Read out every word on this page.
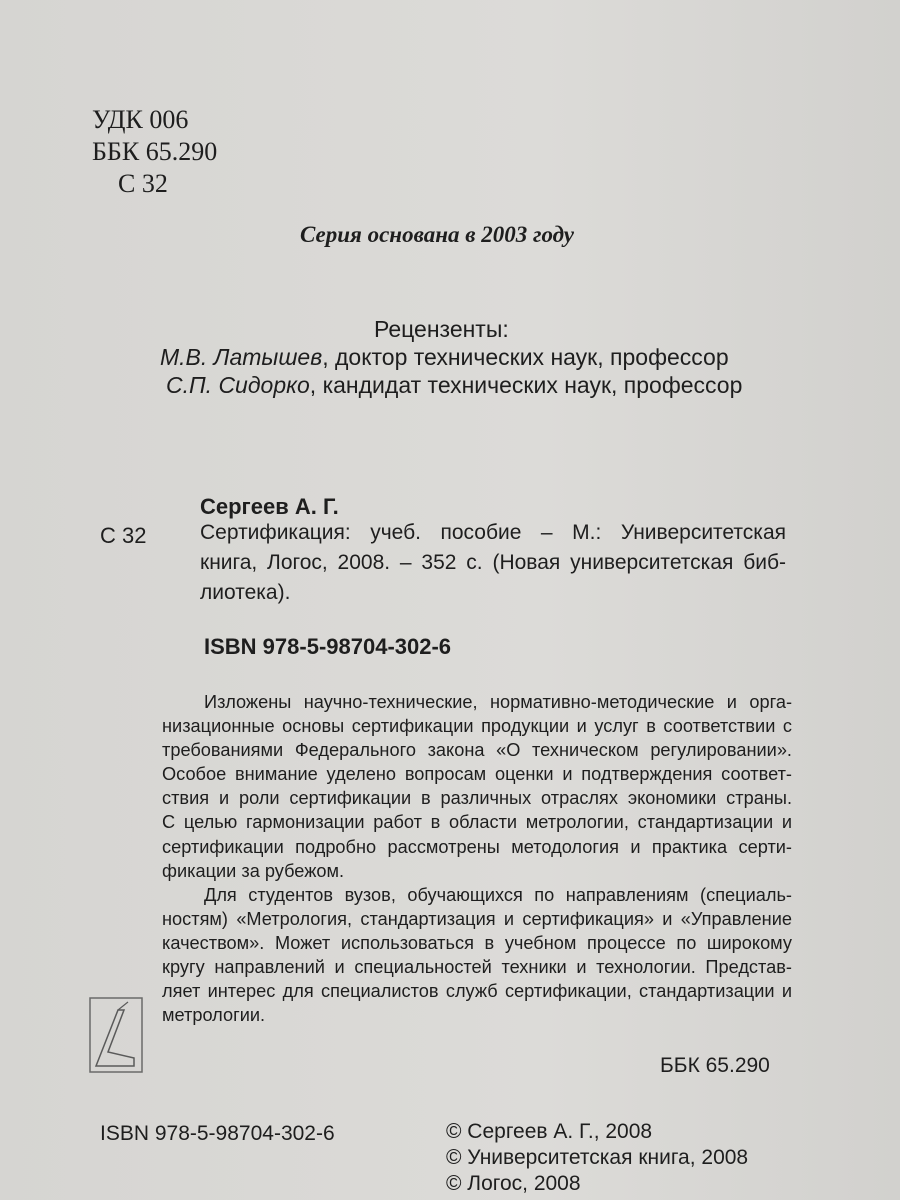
УДК 006
ББК 65.290
С 32
Серия основана в 2003 году
Рецензенты:
М.В. Латышев, доктор технических наук, профессор
С.П. Сидорко, кандидат технических наук, профессор
Сергеев А. Г.
С 32	Сертификация: учеб. пособие – М.: Университетская
книга, Логос, 2008. – 352 с. (Новая университетская биб-
лиотека).
ISBN 978-5-98704-302-6
Изложены научно-технические, нормативно-методические и орга-
низационные основы сертификации продукции и услуг в соответствии с
требованиями Федерального закона «О техническом регулировании».
Особое внимание уделено вопросам оценки и подтверждения соответ-
ствия и роли сертификации в различных отраслях экономики страны.
С целью гармонизации работ в области метрологии, стандартизации и
сертификации подробно рассмотрены методология и практика серти-
фикации за рубежом.
Для студентов вузов, обучающихся по направлениям (специаль-
ностям) «Метрология, стандартизация и сертификация» и «Управление
качеством». Может использоваться в учебном процессе по широкому
кругу направлений и специальностей техники и технологии. Представ-
ляет интерес для специалистов служб сертификации, стандартизации и
метрологии.
ББК 65.290
ISBN 978-5-98704-302-6	© Сергеев А. Г., 2008
© Университетская книга, 2008
© Логос, 2008
